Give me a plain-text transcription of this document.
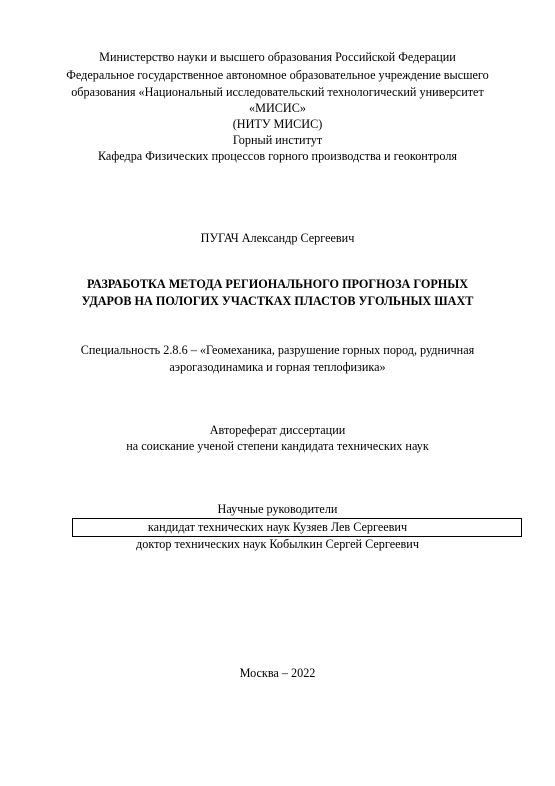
Министерство науки и высшего образования Российской Федерации
Федеральное государственное автономное образовательное учреждение высшего
образования «Национальный исследовательский технологический университет
«МИСИС»
(НИТУ МИСИС)
Горный институт
Кафедра Физических процессов горного производства и геоконтроля
ПУГАЧ Александр Сергеевич
РАЗРАБОТКА МЕТОДА РЕГИОНАЛЬНОГО ПРОГНОЗА ГОРНЫХ
УДАРОВ НА ПОЛОГИХ УЧАСТКАХ ПЛАСТОВ УГОЛЬНЫХ ШАХТ
Специальность 2.8.6 – «Геомеханика, разрушение горных пород, рудничная
аэрогазодинамика и горная теплофизика»
Автореферат диссертации
на соискание ученой степени кандидата технических наук
Научные руководители
кандидат технических наук Кузяев Лев Сергеевич
доктор технических наук Кобылкин Сергей Сергеевич
Москва – 2022
